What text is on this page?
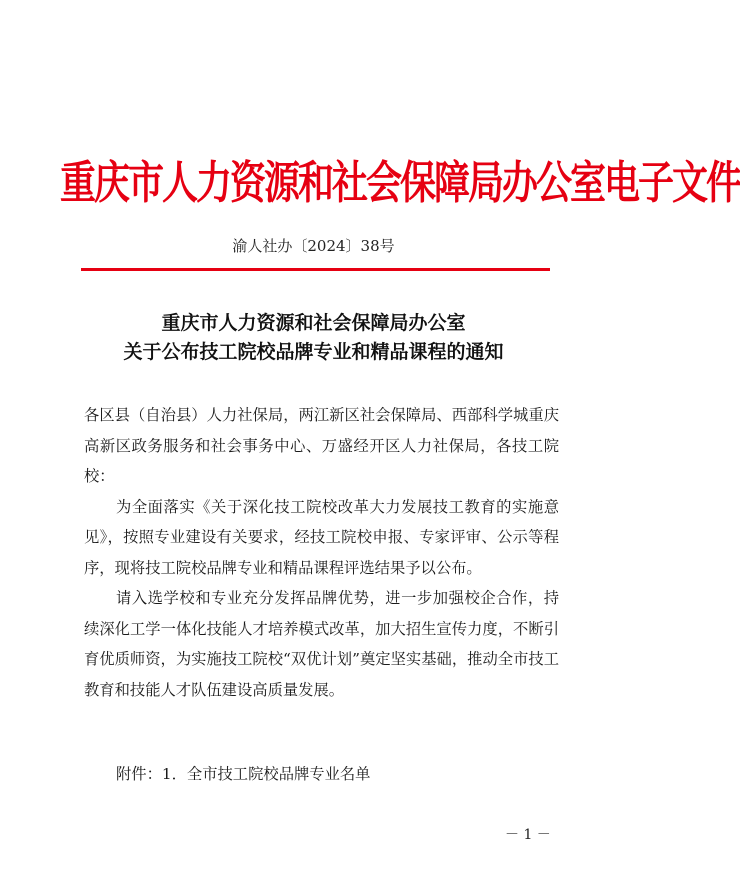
重庆市人力资源和社会保障局办公室电子文件
渝人社办〔2024〕38号
重庆市人力资源和社会保障局办公室
关于公布技工院校品牌专业和精品课程的通知

各区县（自治县）人力社保局，两江新区社会保障局、西部科学城重庆高新区政务服务和社会事务中心、万盛经开区人力社保局，各技工院校：

为全面落实《关于深化技工院校改革大力发展技工教育的实施意见》，按照专业建设有关要求，经技工院校申报、专家评审、公示等程序，现将技工院校品牌专业和精品课程评选结果予以公布。

请入选学校和专业充分发挥品牌优势，进一步加强校企合作，持续深化工学一体化技能人才培养模式改革，加大招生宣传力度，不断引育优质师资，为实施技工院校“双优计划”奠定坚实基础，推动全市技工教育和技能人才队伍建设高质量发展。

附件：1．全市技工院校品牌专业名单
－ 1 －
